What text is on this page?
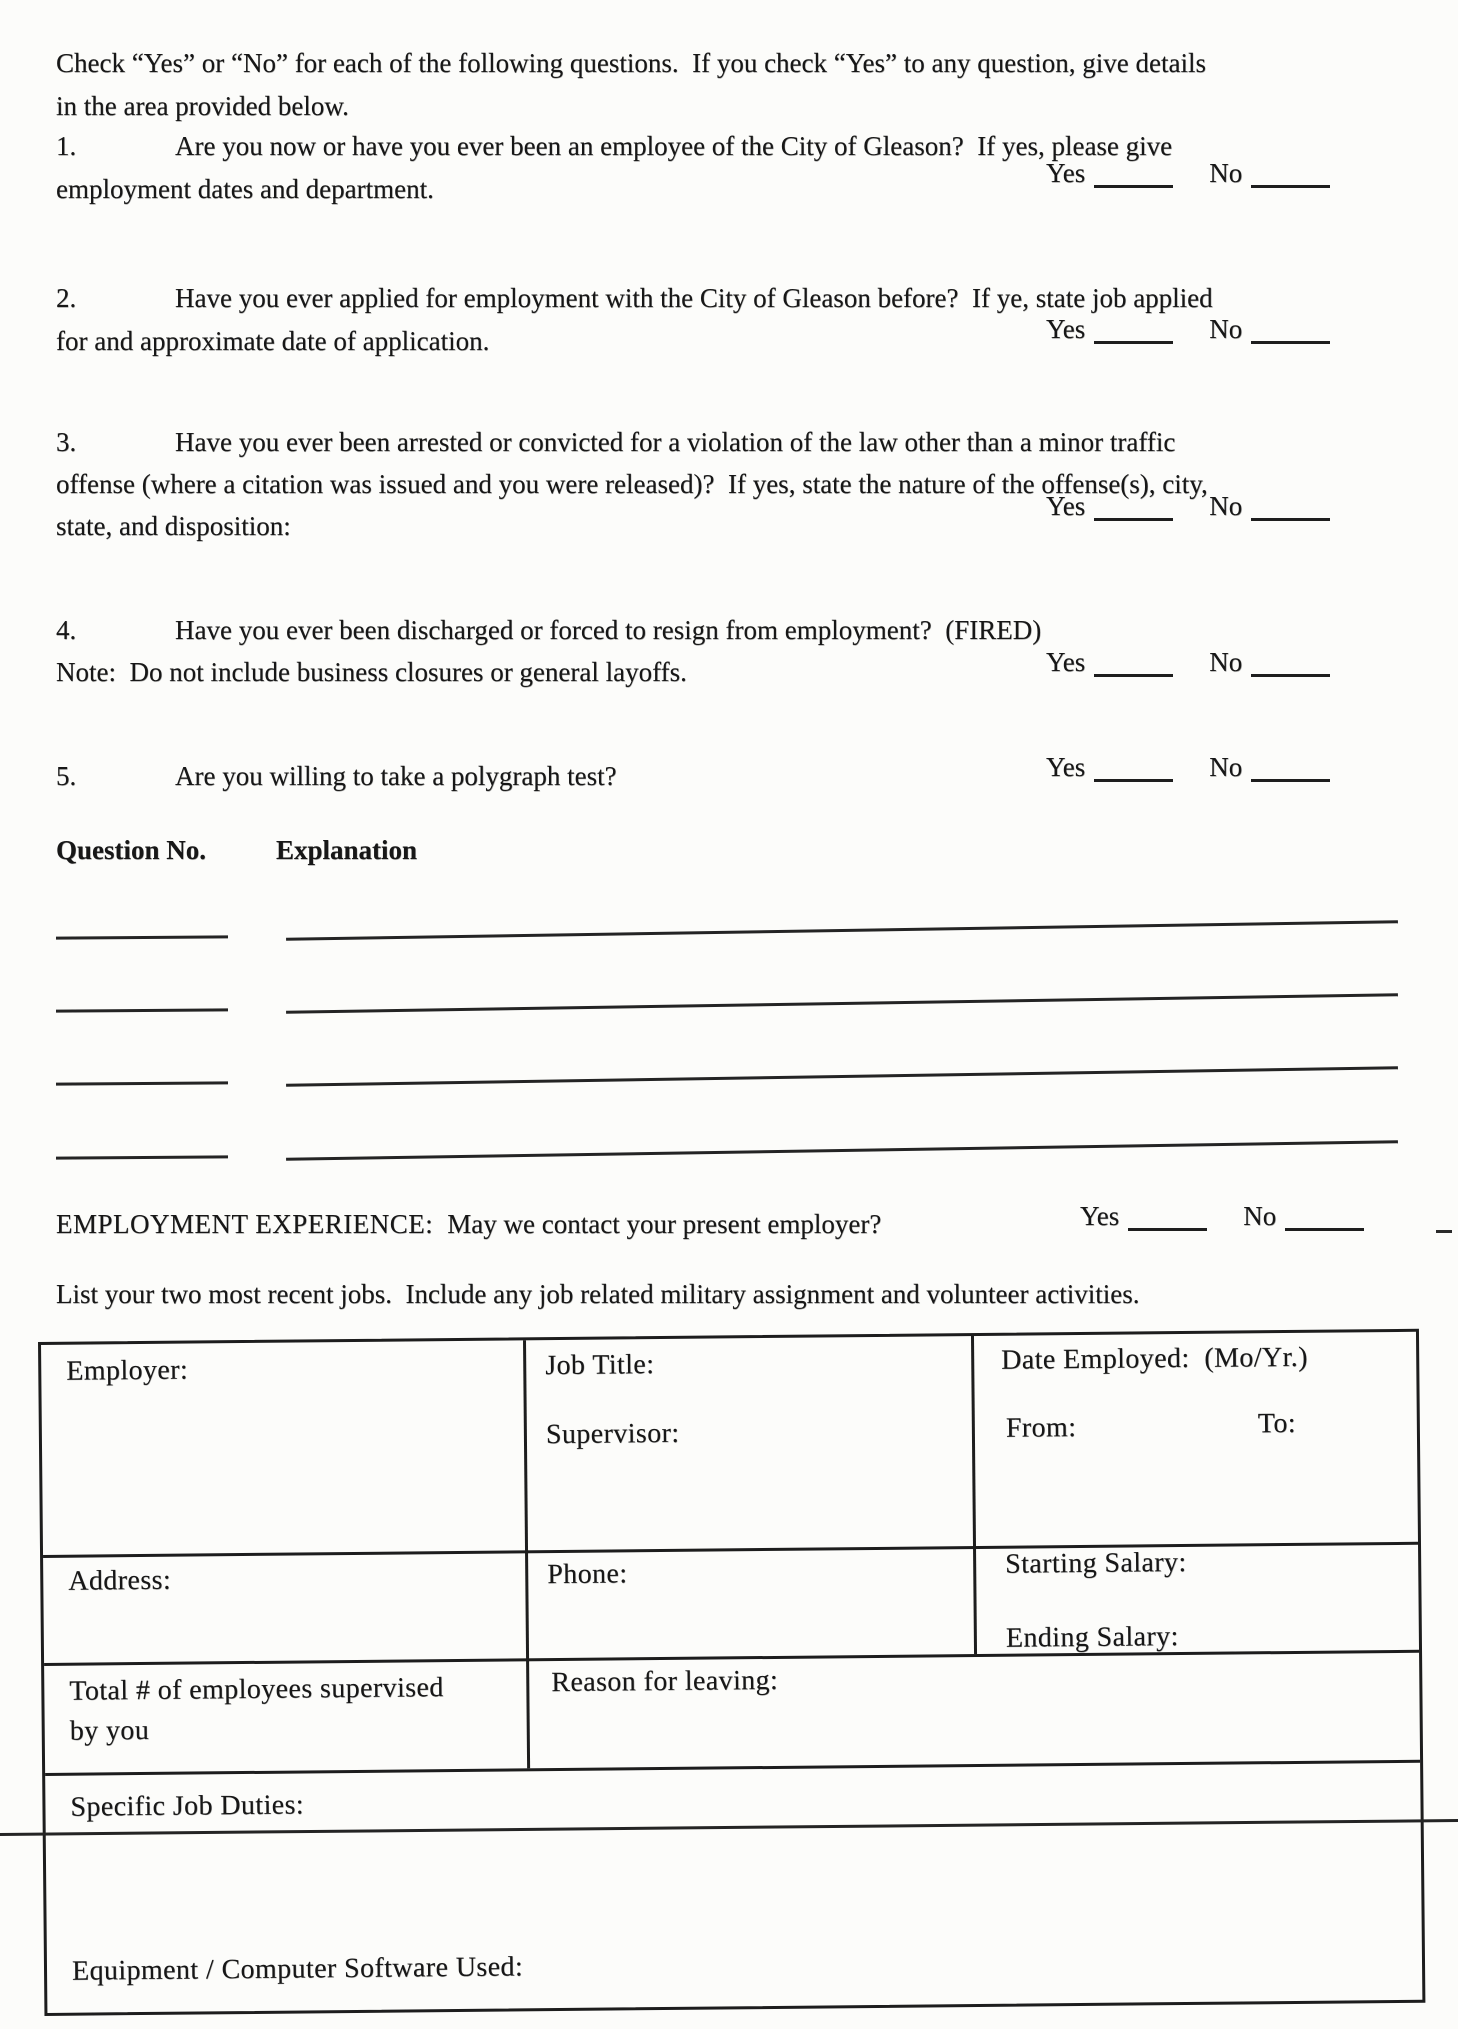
Check “Yes” or “No” for each of the following questions.  If you check “Yes” to any question, give details
in the area provided below.
1.	Are you now or have you ever been an employee of the City of Gleason?  If yes, please give
employment dates and department.
Yes	No
2.	Have you ever applied for employment with the City of Gleason before?  If ye, state job applied
for and approximate date of application.	Yes	No
3.	Have you ever been arrested or convicted for a violation of the law other than a minor traffic
offense (where a citation was issued and you were released)?  If yes, state the nature of the offense(s), city,
state, and disposition:
Yes	No
4.	Have you ever been discharged or forced to resign from employment?  (FIRED)
Note:  Do not include business closures or general layoffs.	Yes	No
5.	Are you willing to take a polygraph test?	Yes	No
Question No.	Explanation
EMPLOYMENT EXPERIENCE: May we contact your present employer?	Yes	No
List your two most recent jobs.  Include any job related military assignment and volunteer activities.
Employer:	Job Title:
Supervisor:
Date Employed:  (Mo/Yr.)
From:	To:
Address:	Phone:	Starting Salary:
Ending Salary:
Total # of employees supervised
by you
Reason for leaving:
Specific Job Duties:
Equipment / Computer Software Used:
